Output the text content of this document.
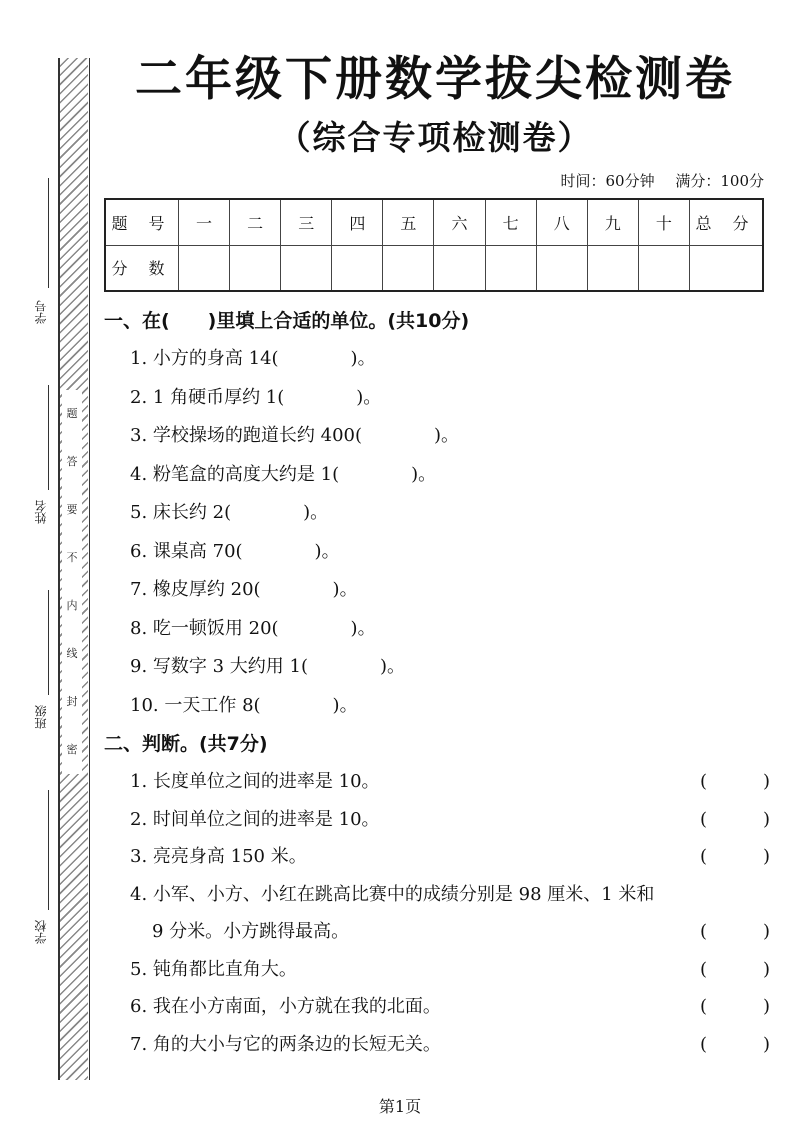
题
答
要
不
内
线
封
密
学号
姓名
班级
学校
二年级下册数学拔尖检测卷
（综合专项检测卷）
时间：60分钟 满分：100分
题 号	一	二	三	四	五	六	七	八	九	十	总 分
分 数											
一、在(　　)里填上合适的单位。(共10分)
1. 小方的身高 14(　　　　)。
2. 1 角硬币厚约 1(　　　　)。
3. 学校操场的跑道长约 400(　　　　)。
4. 粉笔盒的高度大约是 1(　　　　)。
5. 床长约 2(　　　　)。
6. 课桌高 70(　　　　)。
7. 橡皮厚约 20(　　　　)。
8. 吃一顿饭用 20(　　　　)。
9. 写数字 3 大约用 1(　　　　)。
10. 一天工作 8(　　　　)。
二、判断。(共7分)
1. 长度单位之间的进率是 10。	(	)
2. 时间单位之间的进率是 10。	(	)
3. 亮亮身高 150 米。	(	)
4. 小军、小方、小红在跳高比赛中的成绩分别是 98 厘米、1 米和
9 分米。小方跳得最高。	(	)
5. 钝角都比直角大。	(	)
6. 我在小方南面，小方就在我的北面。	(	)
7. 角的大小与它的两条边的长短无关。	(	)
第1页
